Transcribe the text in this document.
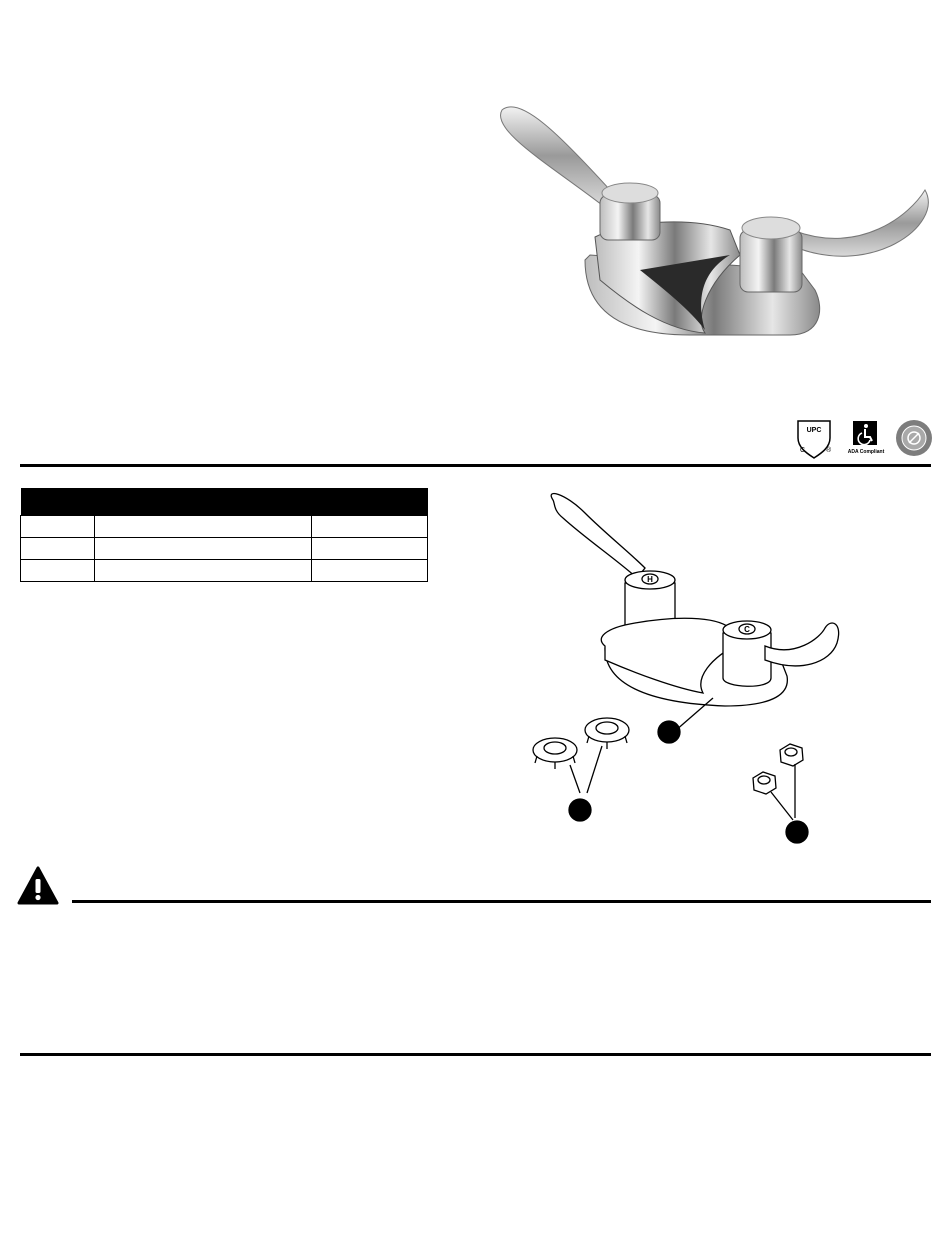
UPC
C	®	ADA Compliant

H
C
